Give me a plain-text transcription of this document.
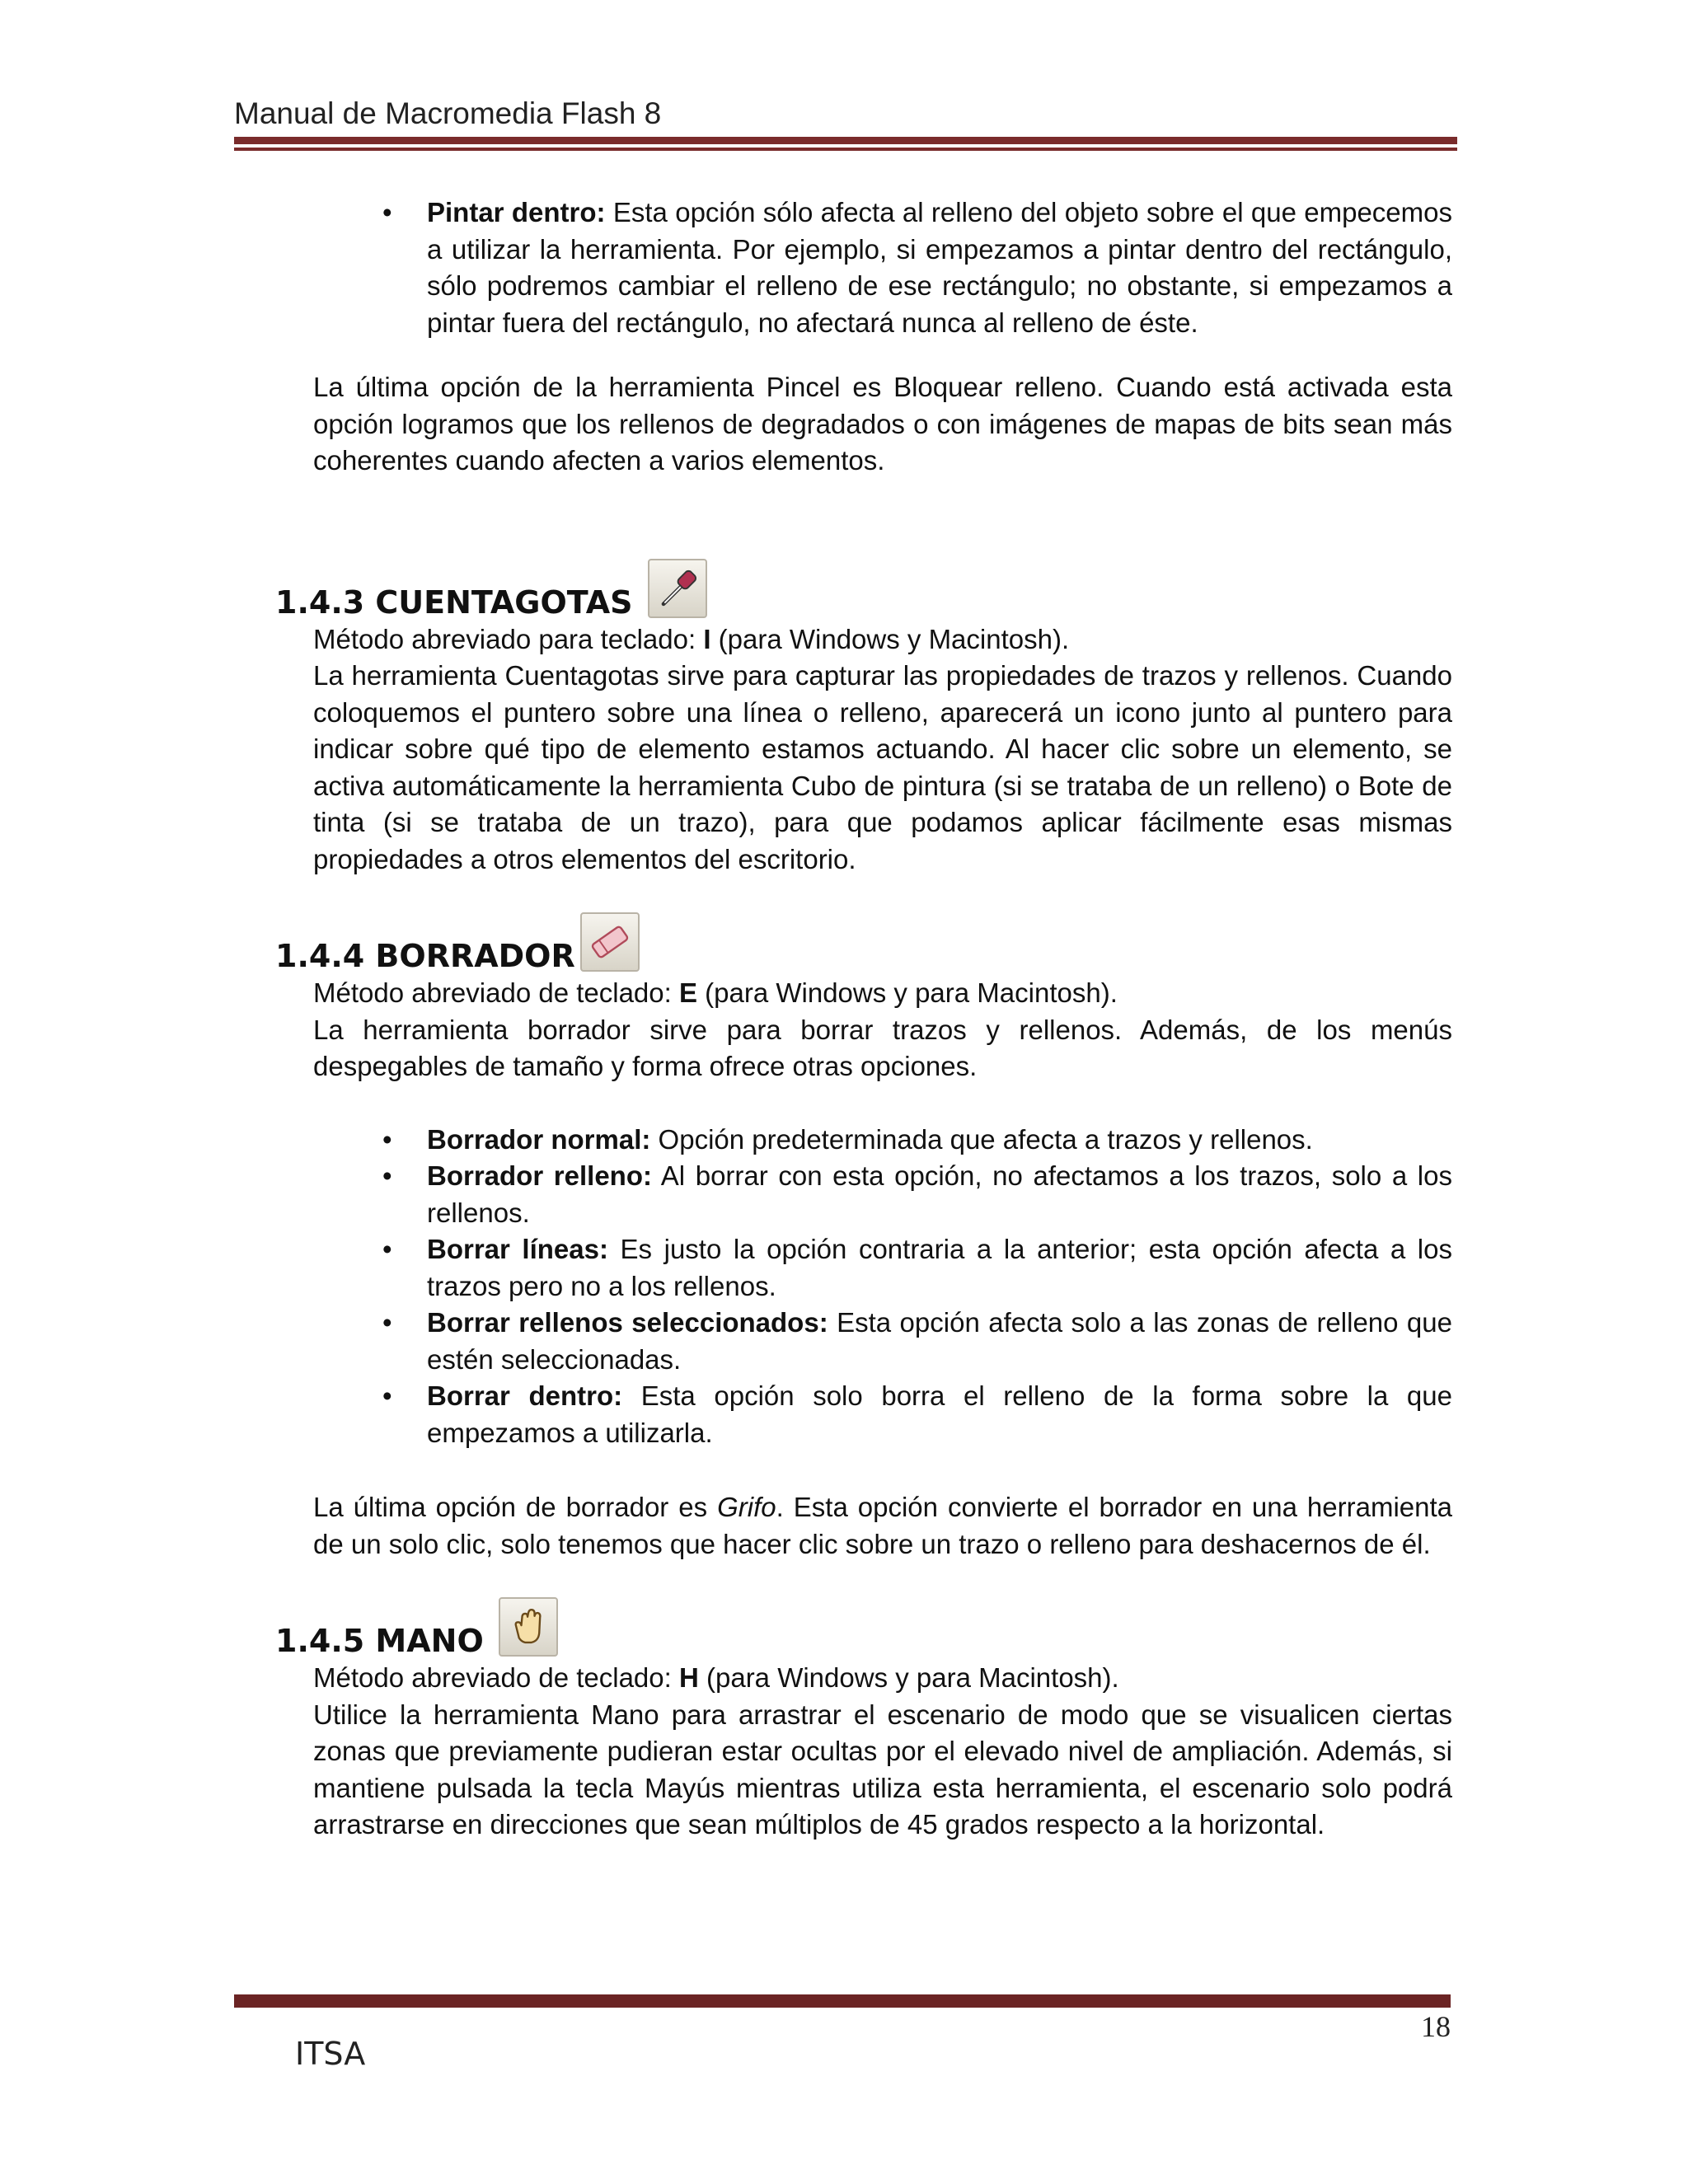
Manual de Macromedia Flash 8
• Pintar dentro: Esta opción sólo afecta al relleno del objeto sobre el que empecemos a utilizar la herramienta. Por ejemplo, si empezamos a pintar dentro del rectángulo, sólo podremos cambiar el relleno de ese rectángulo; no obstante, si empezamos a pintar fuera del rectángulo, no afectará nunca al relleno de éste.

La última opción de la herramienta Pincel es Bloquear relleno. Cuando está activada esta opción logramos que los rellenos de degradados o con imágenes de mapas de bits sean más coherentes cuando afecten a varios elementos.

1.4.3 CUENTAGOTAS

Método abreviado para teclado: I (para Windows y Macintosh).

La herramienta Cuentagotas sirve para capturar las propiedades de trazos y rellenos. Cuando coloquemos el puntero sobre una línea o relleno, aparecerá un icono junto al puntero para indicar sobre qué tipo de elemento estamos actuando. Al hacer clic sobre un elemento, se activa automáticamente la herramienta Cubo de pintura (si se trataba de un relleno) o Bote de tinta (si se trataba de un trazo), para que podamos aplicar fácilmente esas mismas propiedades a otros elementos del escritorio.

1.4.4 BORRADOR

Método abreviado de teclado: E (para Windows y para Macintosh).

La herramienta borrador sirve para borrar trazos y rellenos. Además, de los menús despegables de tamaño y forma ofrece otras opciones.

• Borrador normal: Opción predeterminada que afecta a trazos y rellenos.
• Borrador relleno: Al borrar con esta opción, no afectamos a los trazos, solo a los rellenos.
• Borrar líneas: Es justo la opción contraria a la anterior; esta opción afecta a los trazos pero no a los rellenos.
• Borrar rellenos seleccionados: Esta opción afecta solo a las zonas de relleno que estén seleccionadas.
• Borrar dentro: Esta opción solo borra el relleno de la forma sobre la que empezamos a utilizarla.

La última opción de borrador es Grifo. Esta opción convierte el borrador en una herramienta de un solo clic, solo tenemos que hacer clic sobre un trazo o relleno para deshacernos de él.

1.4.5 MANO

Método abreviado de teclado: H (para Windows y para Macintosh).

Utilice la herramienta Mano para arrastrar el escenario de modo que se visualicen ciertas zonas que previamente pudieran estar ocultas por el elevado nivel de ampliación. Además, si mantiene pulsada la tecla Mayús mientras utiliza esta herramienta, el escenario solo podrá arrastrarse en direcciones que sean múltiplos de 45 grados respecto a la horizontal.

18
ITSA
